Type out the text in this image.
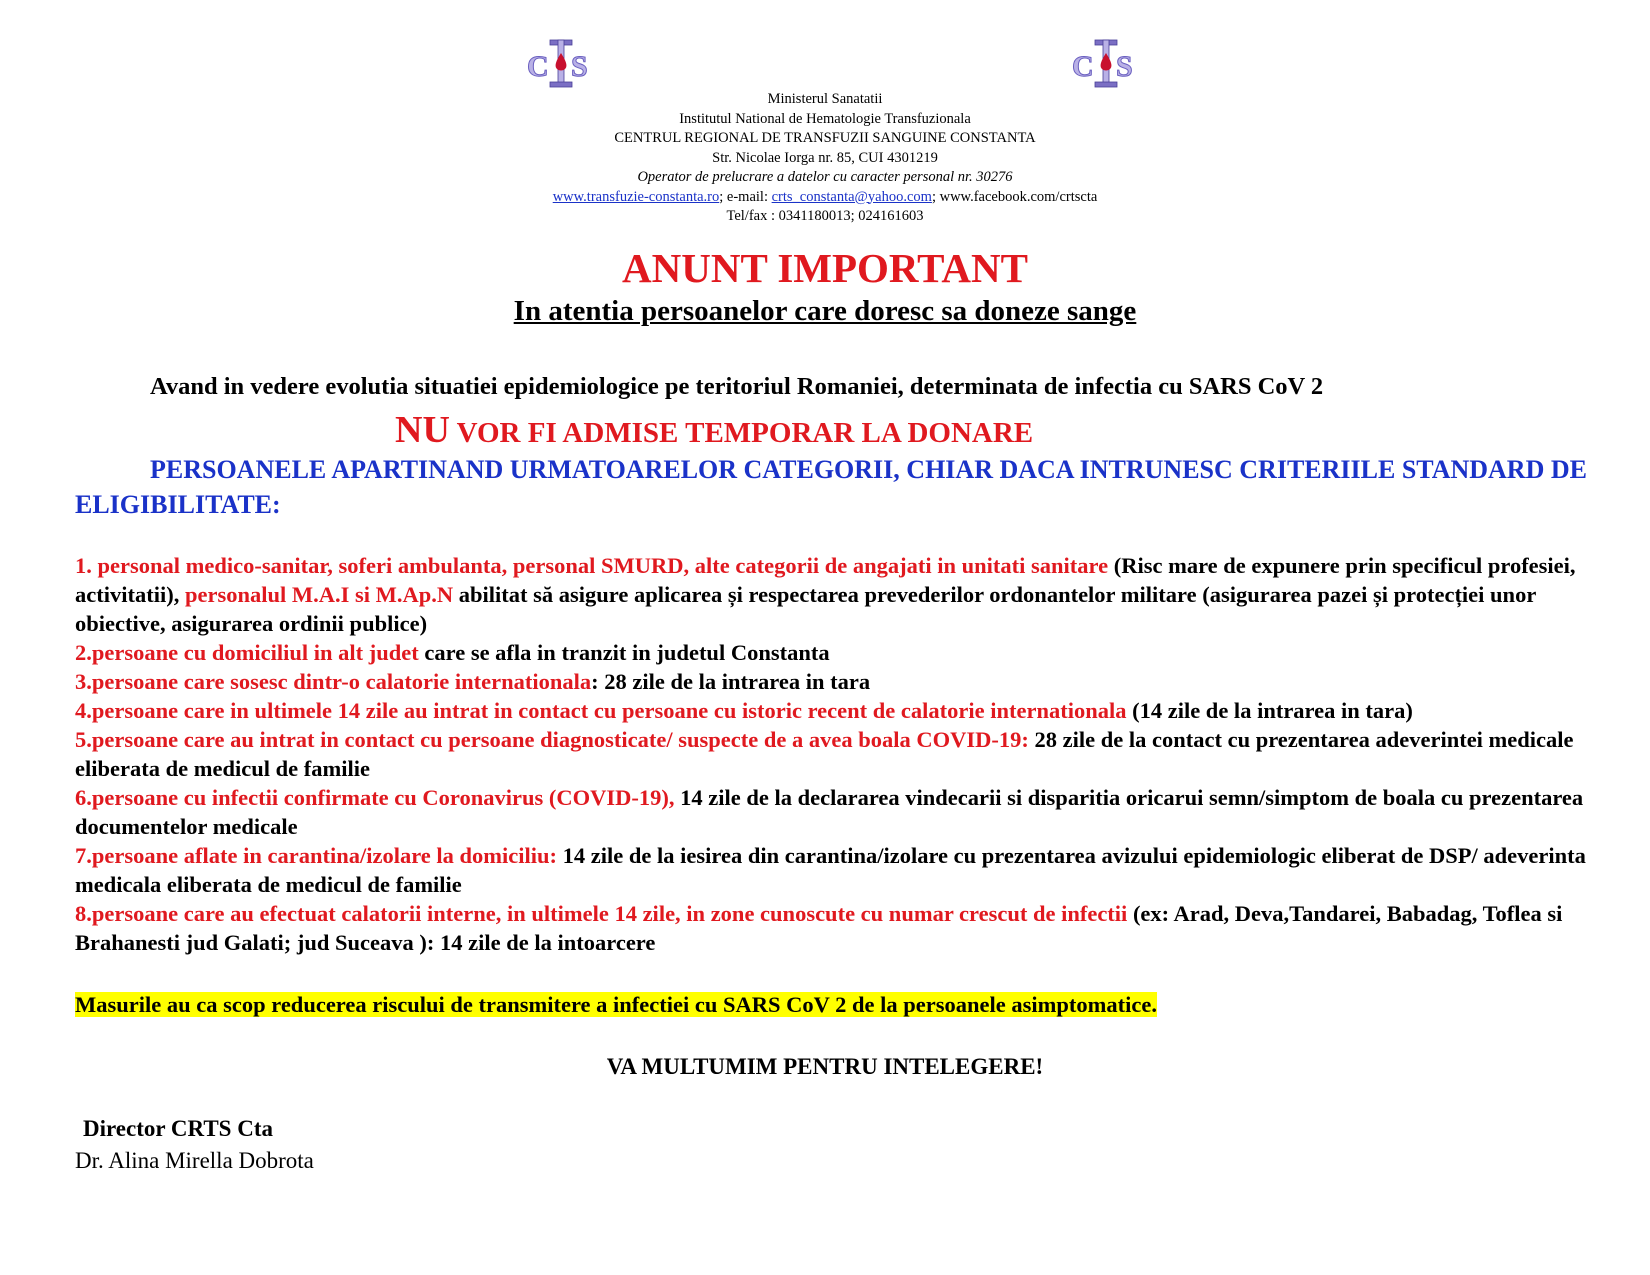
C S	C S
Ministerul Sanatatii
Institutul National de Hematologie Transfuzionala
CENTRUL REGIONAL DE TRANSFUZII SANGUINE CONSTANTA
Str. Nicolae Iorga nr. 85, CUI 4301219
Operator de prelucrare a datelor cu caracter personal nr. 30276
www.transfuzie-constanta.ro; e-mail: crts_constanta@yahoo.com; www.facebook.com/crtscta
Tel/fax : 0341180013; 024161603
ANUNT IMPORTANT
In atentia persoanelor care doresc sa doneze sange
Avand in vedere evolutia situatiei epidemiologice pe teritoriul Romaniei, determinata de infectia cu SARS CoV 2
NU VOR FI ADMISE TEMPORAR LA DONARE
PERSOANELE APARTINAND URMATOARELOR CATEGORII, CHIAR DACA INTRUNESC CRITERIILE STANDARD DE ELIGIBILITATE:

1. personal medico-sanitar, soferi ambulanta, personal SMURD, alte categorii de angajati in unitati sanitare (Risc mare de expunere prin specificul profesiei, activitatii), personalul M.A.I si M.Ap.N abilitat să asigure aplicarea și respectarea prevederilor ordonantelor militare (asigurarea pazei și protecției unor obiective, asigurarea ordinii publice)

2.persoane cu domiciliul in alt judet care se afla in tranzit in judetul Constanta

3.persoane care sosesc dintr-o calatorie internationala: 28 zile de la intrarea in tara

4.persoane care in ultimele 14 zile au intrat in contact cu persoane cu istoric recent de calatorie internationala (14 zile de la intrarea in tara)

5.persoane care au intrat in contact cu persoane diagnosticate/ suspecte de a avea boala COVID-19: 28 zile de la contact cu prezentarea adeverintei medicale eliberata de medicul de familie

6.persoane cu infectii confirmate cu Coronavirus (COVID-19), 14 zile de la declararea vindecarii si disparitia oricarui semn/simptom de boala cu prezentarea documentelor medicale

7.persoane aflate in carantina/izolare la domiciliu: 14 zile de la iesirea din carantina/izolare cu prezentarea avizului epidemiologic eliberat de DSP/ adeverinta medicala eliberata de medicul de familie

8.persoane care au efectuat calatorii interne, in ultimele 14 zile, in zone cunoscute cu numar crescut de infectii (ex: Arad, Deva,Tandarei, Babadag, Toflea si Brahanesti jud Galati; jud Suceava ): 14 zile de la intoarcere

Masurile au ca scop reducerea riscului de transmitere a infectiei cu SARS CoV 2 de la persoanele asimptomatice.
VA MULTUMIM PENTRU INTELEGERE!
Director CRTS Cta
Dr. Alina Mirella Dobrota
